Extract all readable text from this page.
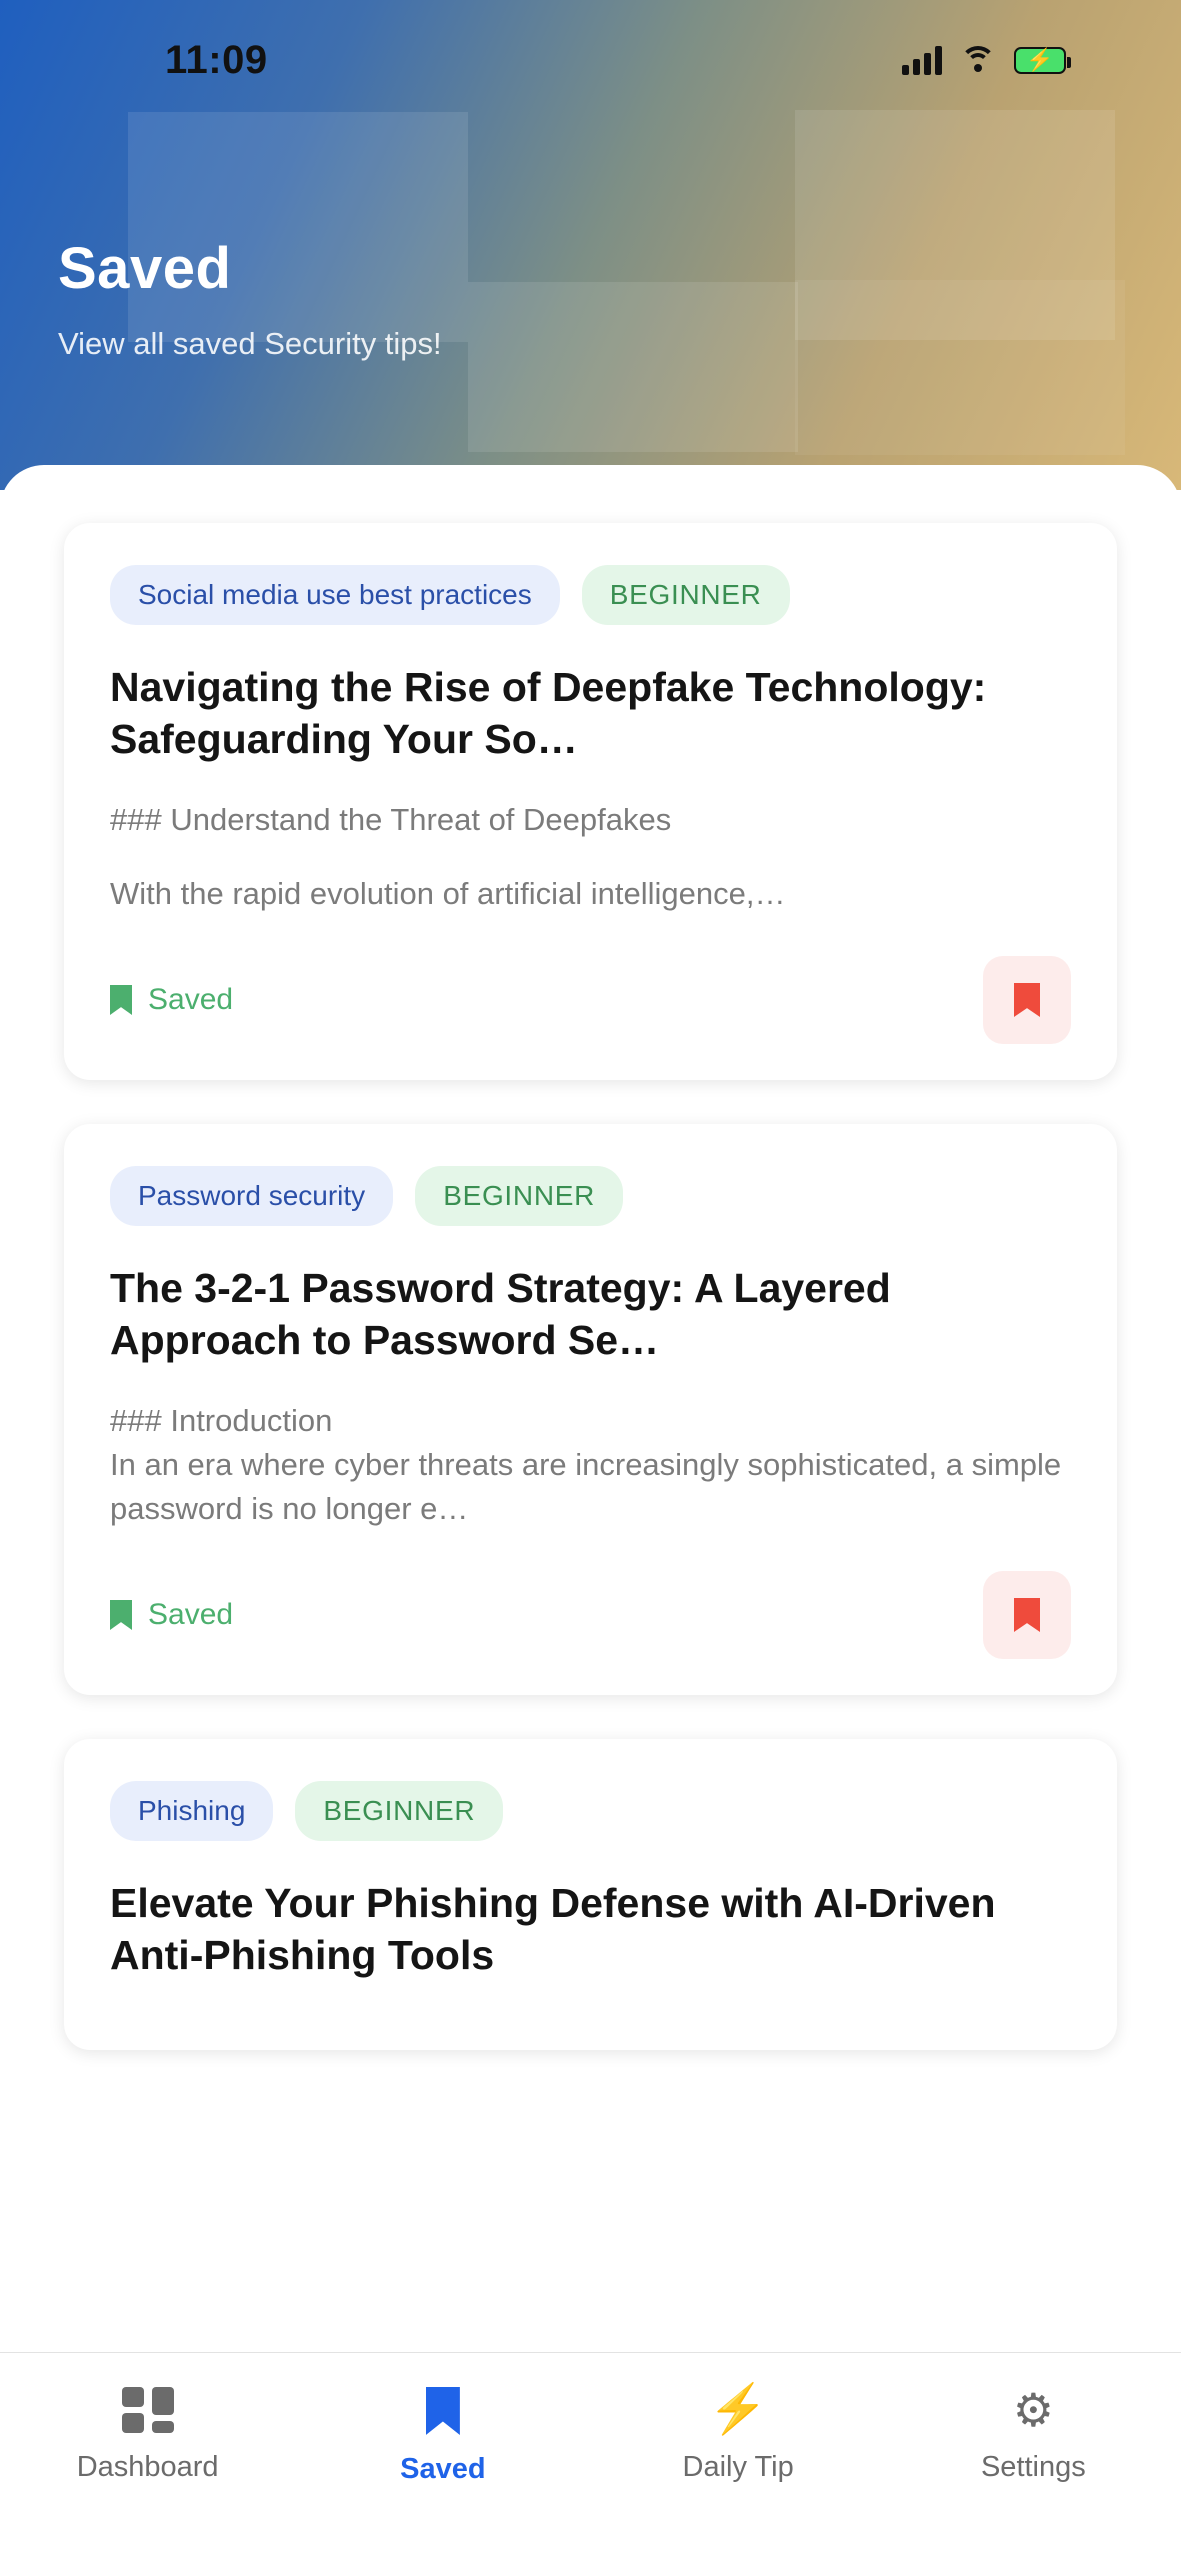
11:09	⚡
Saved
View all saved Security tips!
Social media use best practices	BEGINNER
Navigating the Rise of Deepfake Technology: Safeguarding Your So…
### Understand the Threat of Deepfakes
With the rapid evolution of artificial intelligence,…
Saved
Password security	BEGINNER
The 3-2-1 Password Strategy: A Layered Approach to Password Se…
### Introduction
In an era where cyber threats are increasingly sophisticated, a simple password is no longer e…
Saved
Phishing	BEGINNER
Elevate Your Phishing Defense with AI-Driven Anti-Phishing Tools
Dashboard	Saved
⚡
Daily Tip
⚙
Settings
